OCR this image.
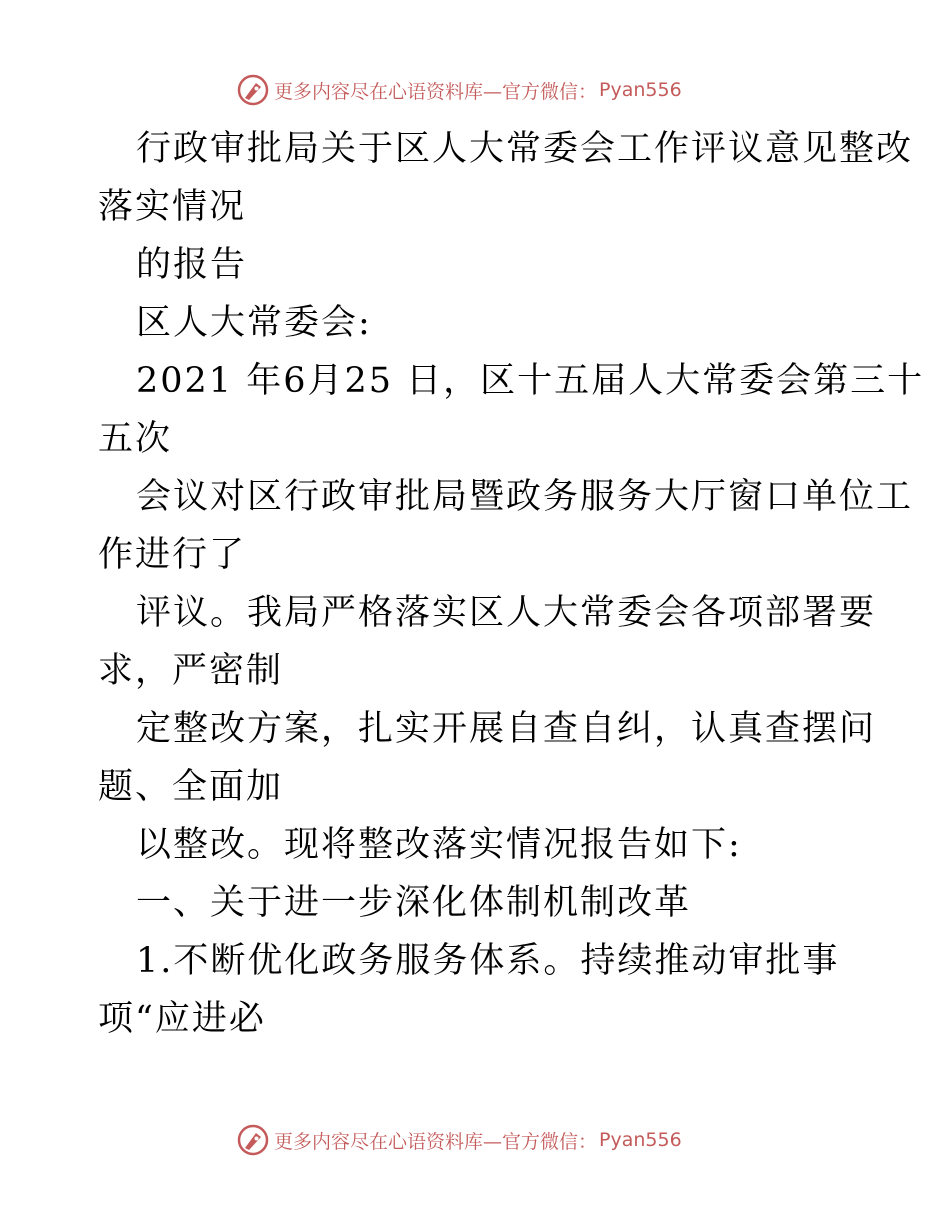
更多内容尽在心语资料库—官方微信： Pyan556
行政审批局关于区人大常委会工作评议意见整改
落实情况
的报告
区人大常委会:
2021 年6月25 日，区十五届人大常委会第三十
五次
会议对区行政审批局暨政务服务大厅窗口单位工
作进行了
评议。我局严格落实区人大常委会各项部署要
求，严密制
定整改方案，扎实开展自查自纠，认真查摆问
题、全面加
以整改。现将整改落实情况报告如下:
一、关于进一步深化体制机制改革
1.不断优化政务服务体系。持续推动审批事
项“应进必
更多内容尽在心语资料库—官方微信： Pyan556
